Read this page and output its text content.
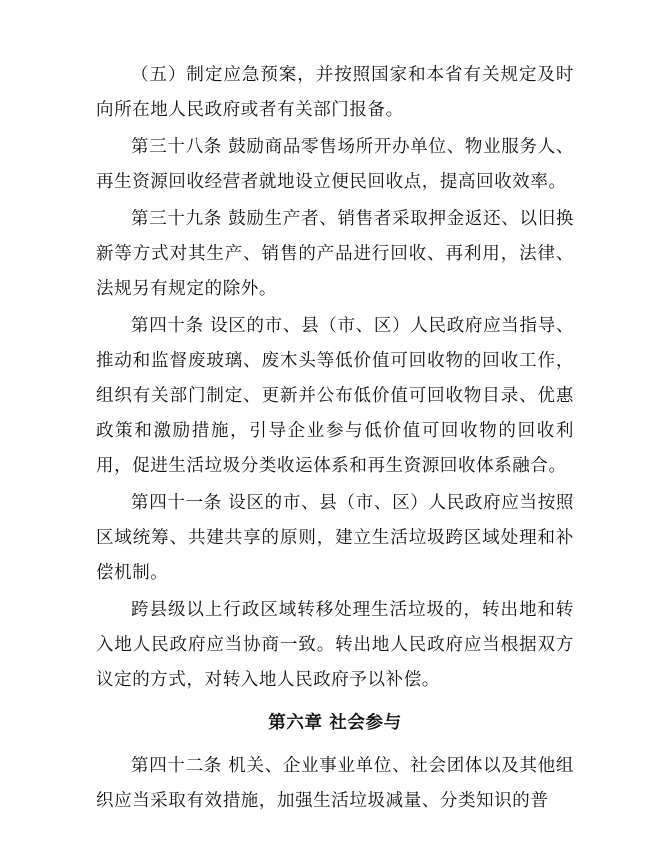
（五）制定应急预案，并按照国家和本省有关规定及时向所在地人民政府或者有关部门报备。

第三十八条 鼓励商品零售场所开办单位、物业服务人、再生资源回收经营者就地设立便民回收点，提高回收效率。

第三十九条 鼓励生产者、销售者采取押金返还、以旧换新等方式对其生产、销售的产品进行回收、再利用，法律、法规另有规定的除外。

第四十条 设区的市、县（市、区）人民政府应当指导、推动和监督废玻璃、废木头等低价值可回收物的回收工作，组织有关部门制定、更新并公布低价值可回收物目录、优惠政策和激励措施，引导企业参与低价值可回收物的回收利用，促进生活垃圾分类收运体系和再生资源回收体系融合。

第四十一条 设区的市、县（市、区）人民政府应当按照区域统筹、共建共享的原则，建立生活垃圾跨区域处理和补偿机制。

跨县级以上行政区域转移处理生活垃圾的，转出地和转入地人民政府应当协商一致。转出地人民政府应当根据双方议定的方式，对转入地人民政府予以补偿。

第六章 社会参与

第四十二条 机关、企业事业单位、社会团体以及其他组织应当采取有效措施，加强生活垃圾减量、分类知识的普
